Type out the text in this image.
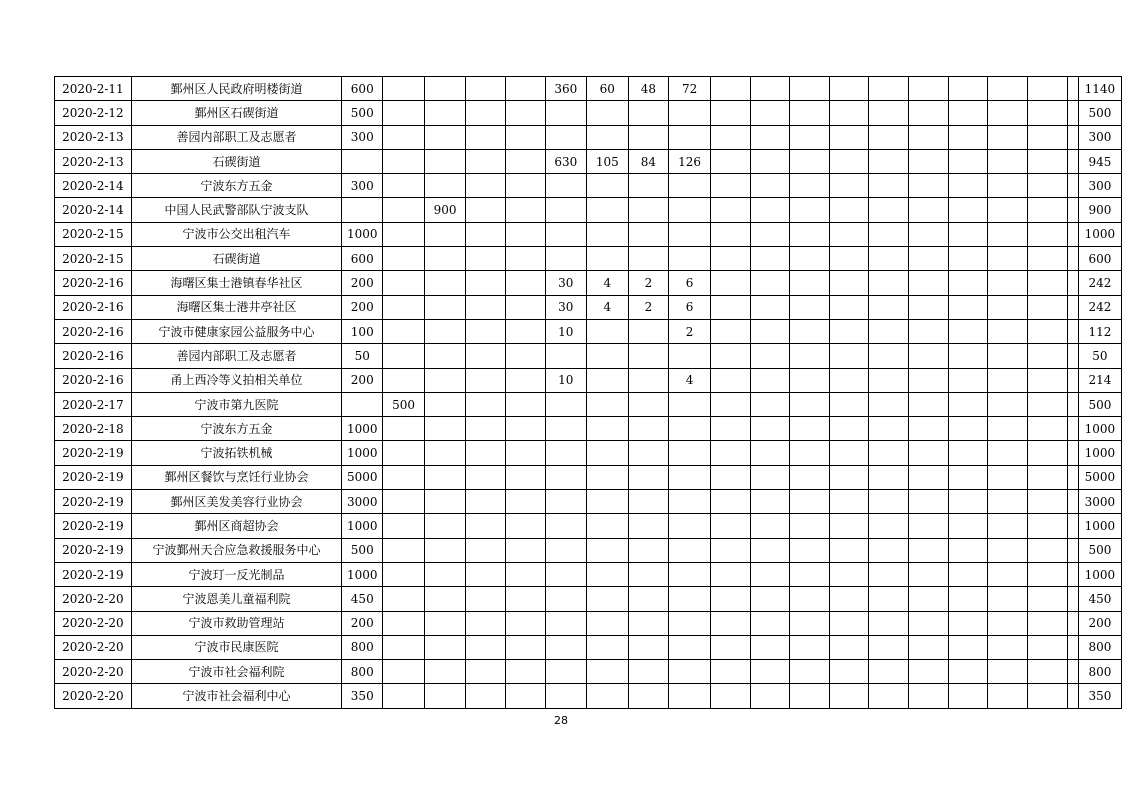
2020-2-11	鄞州区人民政府明楼街道	600					360	60	48	72											1140
2020-2-12	鄞州区石碶街道	500																			500
2020-2-13	善园内部职工及志愿者	300																			300
2020-2-13	石碶街道						630	105	84	126											945
2020-2-14	宁波东方五金	300																			300
2020-2-14	中国人民武警部队宁波支队			900																	900
2020-2-15	宁波市公交出租汽车	1000																			1000
2020-2-15	石碶街道	600																			600
2020-2-16	海曙区集士港镇春华社区	200					30	4	2	6											242
2020-2-16	海曙区集士港井亭社区	200					30	4	2	6											242
2020-2-16	宁波市健康家园公益服务中心	100					10			2											112
2020-2-16	善园内部职工及志愿者	50																			50
2020-2-16	甬上西冷等义拍相关单位	200					10			4											214
2020-2-17	宁波市第九医院		500																		500
2020-2-18	宁波东方五金	1000																			1000
2020-2-19	宁波拓铁机械	1000																			1000
2020-2-19	鄞州区餐饮与烹饪行业协会	5000																			5000
2020-2-19	鄞州区美发美容行业协会	3000																			3000
2020-2-19	鄞州区商超协会	1000																			1000
2020-2-19	宁波鄞州天合应急救援服务中心	500																			500
2020-2-19	宁波玎一反光制品	1000																			1000
2020-2-20	宁波恩美儿童福利院	450																			450
2020-2-20	宁波市救助管理站	200																			200
2020-2-20	宁波市民康医院	800																			800
2020-2-20	宁波市社会福利院	800																			800
2020-2-20	宁波市社会福利中心	350																			350
28
